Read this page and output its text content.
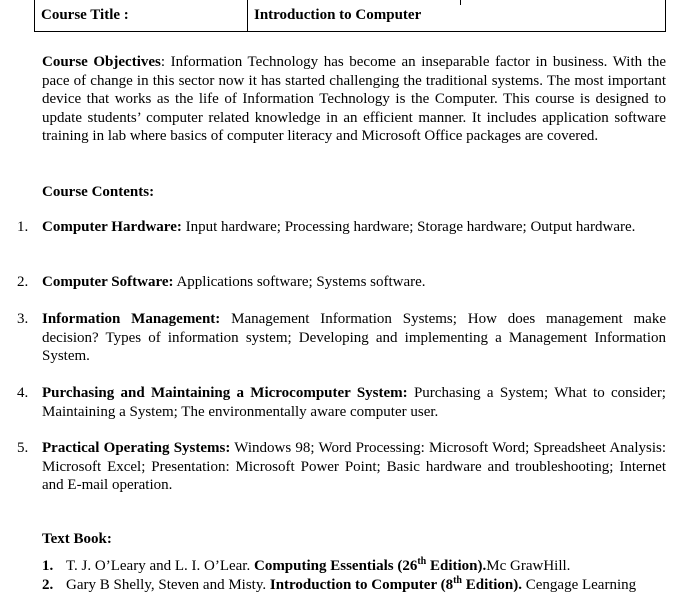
Course Title :	Introduction to Computer

Course Objectives: Information Technology has become an inseparable factor in business. With the pace of change in this sector now it has started challenging the traditional systems. The most important device that works as the life of Information Technology is the Computer. This course is designed to update students’ computer related knowledge in an efficient manner. It includes application software training in lab where basics of computer literacy and Microsoft Office packages are covered.

Course Contents:

1. Computer Hardware: Input hardware; Processing hardware; Storage hardware; Output hardware.
2. Computer Software: Applications software; Systems software.
3. Information Management: Management Information Systems; How does management make decision? Types of information system; Developing and implementing a Management Information System.
4. Purchasing and Maintaining a Microcomputer System: Purchasing a System; What to consider; Maintaining a System; The environmentally aware computer user.
5. Practical Operating Systems: Windows 98; Word Processing: Microsoft Word; Spreadsheet Analysis: Microsoft Excel; Presentation: Microsoft Power Point; Basic hardware and troubleshooting; Internet and E-mail operation.

Text Book:

1. T. J. O’Leary and L. I. O’Lear. Computing Essentials (26th Edition).Mc GrawHill.
2. Gary B Shelly, Steven and Misty. Introduction to Computer (8th Edition). Cengage Learning
